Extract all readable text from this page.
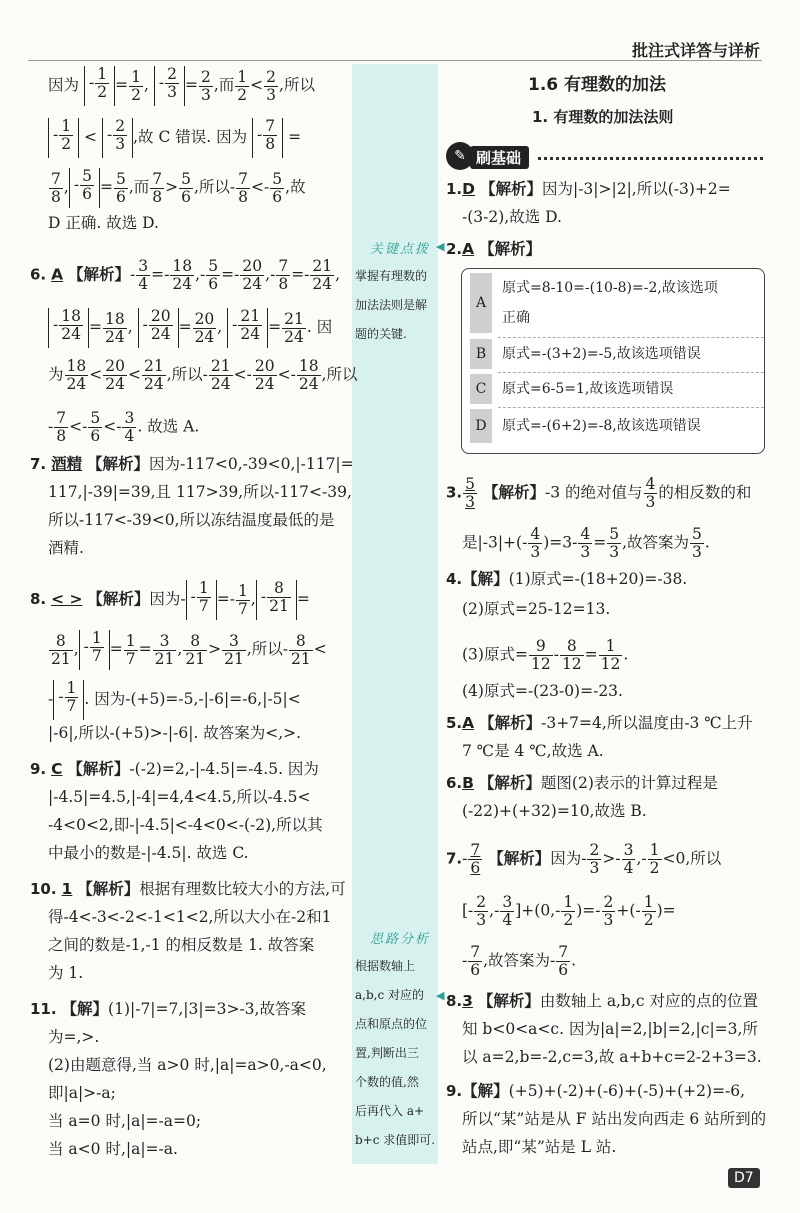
批注式详答与详析
关键点拨 ◀
掌握有理数的
加法法则是解
题的关键.
思路分析
根据数轴上
a,b,c 对应的
点和原点的位
置,判断出三
个数的值,然
后再代入 a+
b+c 求值即可.
◀
因为 - $\frac{1}{2} = \frac{1}{2}$ , - $\frac{2}{3} = \frac{2}{3}$ ,而 $\frac{1}{2} < \frac{2}{3}$ ,所以
- $\frac{1}{2}$ < - $\frac{2}{3}$ ,故 C 错误. 因为 - $\frac{7}{8}$ =
$\frac{7}{8}$ , - $\frac{5}{6} = \frac{5}{6}$ ,而 $\frac{7}{8} > \frac{5}{6}$ ,所以- $\frac{7}{8} <- \frac{5}{6}$ ,故
D 正确. 故选 D.
6. A 【解析】- $\frac{3}{4} =- \frac{18}{24}$ ,- $\frac{5}{6} =- \frac{20}{24}$ ,- $\frac{7}{8} =- \frac{21}{24}$ ,
- $\frac{18}{24} = \frac{18}{24}$ , - $\frac{20}{24} = \frac{20}{24}$ , - $\frac{21}{24} = \frac{21}{24}$ . 因
为 $\frac{18}{24} < \frac{20}{24} < \frac{21}{24}$ ,所以- $\frac{21}{24} <- \frac{20}{24} <- \frac{18}{24}$ ,所以
- $\frac{7}{8} <- \frac{5}{6} <- \frac{3}{4}$ . 故选 A.
7. 酒精 【解析】因为-117<0,-39<0,|-117|=
117,|-39|=39,且 117>39,所以-117<-39,
所以-117<-39<0,所以冻结温度最低的是
酒精.
8. < > 【解析】因为- - $\frac{1}{7} =- \frac{1}{7}$ , - $\frac{8}{21}$ =
$\frac{8}{21}$ , - $\frac{1}{7} = \frac{1}{7} = \frac{3}{21}$ , $\frac{8}{21} > \frac{3}{21}$ ,所以- $\frac{8}{21}$ <
- - $\frac{1}{7}$ . 因为-(+5)=-5,-|-6|=-6,|-5|<
|-6|,所以-(+5)>-|-6|. 故答案为<,>.
9. C 【解析】-(-2)=2,-|-4.5|=-4.5. 因为
|-4.5|=4.5,|-4|=4,4<4.5,所以-4.5<
-4<0<2,即-|-4.5|<-4<0<-(-2),所以其
中最小的数是-|-4.5|. 故选 C.
10. 1 【解析】根据有理数比较大小的方法,可
得-4<-3<-2<-1<1<2,所以大小在-2和1
之间的数是-1,-1 的相反数是 1. 故答案
为 1.
11. 【解】(1)|-7|=7,|3|=3>-3,故答案
为=,>.
(2)由题意得,当 a>0 时,|a|=a>0,-a<0,
即|a|>-a;
当 a=0 时,|a|=-a=0;
当 a<0 时,|a|=-a.
1.6 有理数的加法
1. 有理数的加法法则
✎ 刷基础
1.D 【解析】因为|-3|>|2|,所以(-3)+2=
-(3-2),故选 D.
2.A 【解析】
A
原式=8-10=-(10-8)=-2,故该选项
正确
B	原式=-(3+2)=-5,故该选项错误
C	原式=6-5=1,故该选项错误
D	原式=-(6+2)=-8,故该选项错误
3. $\frac{5}{3}$ 【解析】-3 的绝对值与 $\frac{4}{3}$ 的相反数的和
是$|-3|+(- \frac{4}{3} )=3- \frac{4}{3} = \frac{5}{3}$ ,故答案为 $\frac{5}{3}$ .
4.【解】(1)原式=-(18+20)=-38.
(2)原式=25-12=13.
(3)原式= $\frac{9}{12} - \frac{8}{12} = \frac{1}{12}$ .
(4)原式=-(23-0)=-23.
5.A 【解析】-3+7=4,所以温度由-3 ℃上升
7 ℃是 4 ℃,故选 A.
6.B 【解析】题图(2)表示的计算过程是
(-22)+(+32)=10,故选 B.
$7.- \frac{7}{6}$ 【解析】因为- $\frac{2}{3} >- \frac{3}{4}$ ,- $\frac{1}{2} <0$,所以
[- $\frac{2}{3}$ ,- $\frac{3}{4} ]+(0,- \frac{1}{2}$ )=- $\frac{2}{3}$ +(- $\frac{1}{2}$ )=
- $\frac{7}{6}$ ,故答案为- $\frac{7}{6}$ .
8.3 【解析】由数轴上 a,b,c 对应的点的位置
知 b<0<a<c. 因为|a|=2,|b|=2,|c|=3,所
以 a=2,b=-2,c=3,故 a+b+c=2-2+3=3.
9.【解】(+5)+(-2)+(-6)+(-5)+(+2)=-6,
所以“某”站是从 F 站出发向西走 6 站所到的
站点,即“某”站是 L 站.
D7
